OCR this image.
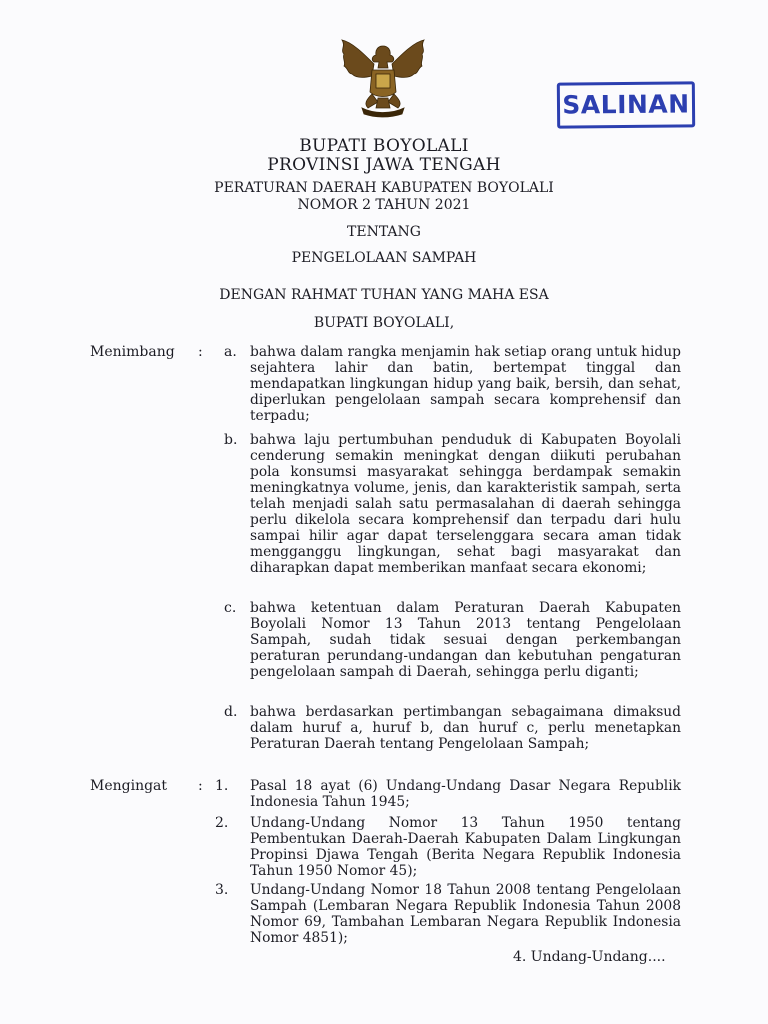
SALINAN
BUPATI BOYOLALI
PROVINSI JAWA TENGAH
PERATURAN DAERAH KABUPATEN BOYOLALI
NOMOR 2 TAHUN 2021
TENTANG
PENGELOLAAN SAMPAH
DENGAN RAHMAT TUHAN YANG MAHA ESA
BUPATI BOYOLALI,
Menimbang : a. bahwa dalam rangka menjamin hak setiap orang untuk hidup sejahtera lahir dan batin, bertempat tinggal dan mendapatkan lingkungan hidup yang baik, bersih, dan sehat, diperlukan pengelolaan sampah secara komprehensif dan terpadu;
b. bahwa laju pertumbuhan penduduk di Kabupaten Boyolali cenderung semakin meningkat dengan diikuti perubahan pola konsumsi masyarakat sehingga berdampak semakin meningkatnya volume, jenis, dan karakteristik sampah, serta telah menjadi salah satu permasalahan di daerah sehingga perlu dikelola secara komprehensif dan terpadu dari hulu sampai hilir agar dapat terselenggara secara aman tidak mengganggu lingkungan, sehat bagi masyarakat dan diharapkan dapat memberikan manfaat secara ekonomi;
c. bahwa ketentuan dalam Peraturan Daerah Kabupaten Boyolali Nomor 13 Tahun 2013 tentang Pengelolaan Sampah, sudah tidak sesuai dengan perkembangan peraturan perundang-undangan dan kebutuhan pengaturan pengelolaan sampah di Daerah, sehingga perlu diganti;
d. bahwa berdasarkan pertimbangan sebagaimana dimaksud dalam huruf a, huruf b, dan huruf c, perlu menetapkan Peraturan Daerah tentang Pengelolaan Sampah;
Mengingat : 1. Pasal 18 ayat (6) Undang-Undang Dasar Negara Republik Indonesia Tahun 1945;
2. Undang-Undang Nomor 13 Tahun 1950 tentang Pembentukan Daerah-Daerah Kabupaten Dalam Lingkungan Propinsi Djawa Tengah (Berita Negara Republik Indonesia Tahun 1950 Nomor 45);
3. Undang-Undang Nomor 18 Tahun 2008 tentang Pengelolaan Sampah (Lembaran Negara Republik Indonesia Tahun 2008 Nomor 69, Tambahan Lembaran Negara Republik Indonesia Nomor 4851);
4. Undang-Undang....
